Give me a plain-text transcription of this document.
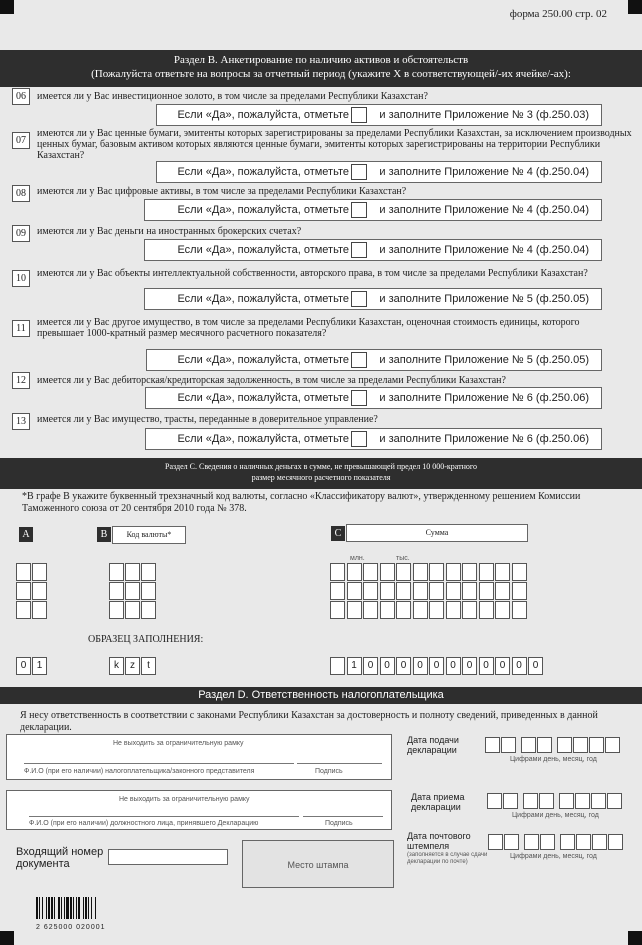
форма 250.00 стр. 02
Раздел B. Анкетирование по наличию активов и обстоятельств
(Пожалуйста ответьте на вопросы за отчетный период (укажите Х в соответствующей/-их ячейке/-ах):
06	имеется ли у Вас инвестиционное золото, в том числе за пределами Республики Казахстан?
Если «Да», пожалуйста, отметьте	и заполните Приложение № 3 (ф.250.03)
07
имеются ли у Вас ценные бумаги, эмитенты которых зарегистрированы за пределами Республики Казахстан, за исключением производных ценных бумаг, базовым активом которых являются ценные бумаги, эмитенты которых зарегистрированы на территории Республики Казахстан?
Если «Да», пожалуйста, отметьте	и заполните Приложение № 4 (ф.250.04)
08	имеются ли у Вас цифровые активы, в том числе за пределами Республики Казахстан?
Если «Да», пожалуйста, отметьте	и заполните Приложение № 4 (ф.250.04)
09	имеются ли у Вас деньги на иностранных брокерских счетах?
Если «Да», пожалуйста, отметьте	и заполните Приложение № 4 (ф.250.04)
10	имеются ли у Вас объекты интеллектуальной собственности, авторского права, в том числе за пределами Республики Казахстан?
Если «Да», пожалуйста, отметьте	и заполните Приложение № 5 (ф.250.05)
11
имеется ли у Вас другое имущество, в том числе за пределами Республики Казахстан, оценочная стоимость единицы, которого превышает 1000-кратный размер месячного расчетного показателя?
Если «Да», пожалуйста, отметьте	и заполните Приложение № 5 (ф.250.05)
12	имеется ли у Вас дебиторская/кредиторская задолженность, в том числе за пределами Республики Казахстан?
Если «Да», пожалуйста, отметьте	и заполните Приложение № 6 (ф.250.06)
13	имеется ли у Вас имущество, трасты, переданные в доверительное управление?
Если «Да», пожалуйста, отметьте	и заполните Приложение № 6 (ф.250.06)
Раздел C. Сведения о наличных деньгах в сумме, не превышающей предел 10 000-кратного
размер месячного расчетного показателя
*В графе В укажите буквенный трехзначный код валюты, согласно «Классификатору валют», утвержденному решением Комиссии Таможенного союза от 20 сентября 2010 года № 378.
A	B	Код валюты*	C	Сумма
млн.	тыс.
ОБРАЗЕЦ ЗАПОЛНЕНИЯ:
0	1	k	z	t	1	0	0	0	0	0	0	0	0	0	0	0
Раздел D. Ответственность налогоплательщика
Я несу ответственность в соответствии с законами Республики Казахстан за достоверность и полноту сведений, приведенных в данной декларации.
Не выходить за ограничительную рамку
Ф.И.О (при его наличии) налогоплательщика/законного представителя	Подпись
Дата подачи декларации
Цифрами день, месяц, год
Не выходить за ограничительную рамку
Ф.И.О (при его наличии) должностного лица, принявшего Декларацию	Подпись
Дата приема декларации
Цифрами день, месяц, год
Дата почтового штемпеля
(заполняется в случае сдачи декларации по почте)
Цифрами день, месяц, год
Входящий номер документа	Место штампа
2 625000 020001
